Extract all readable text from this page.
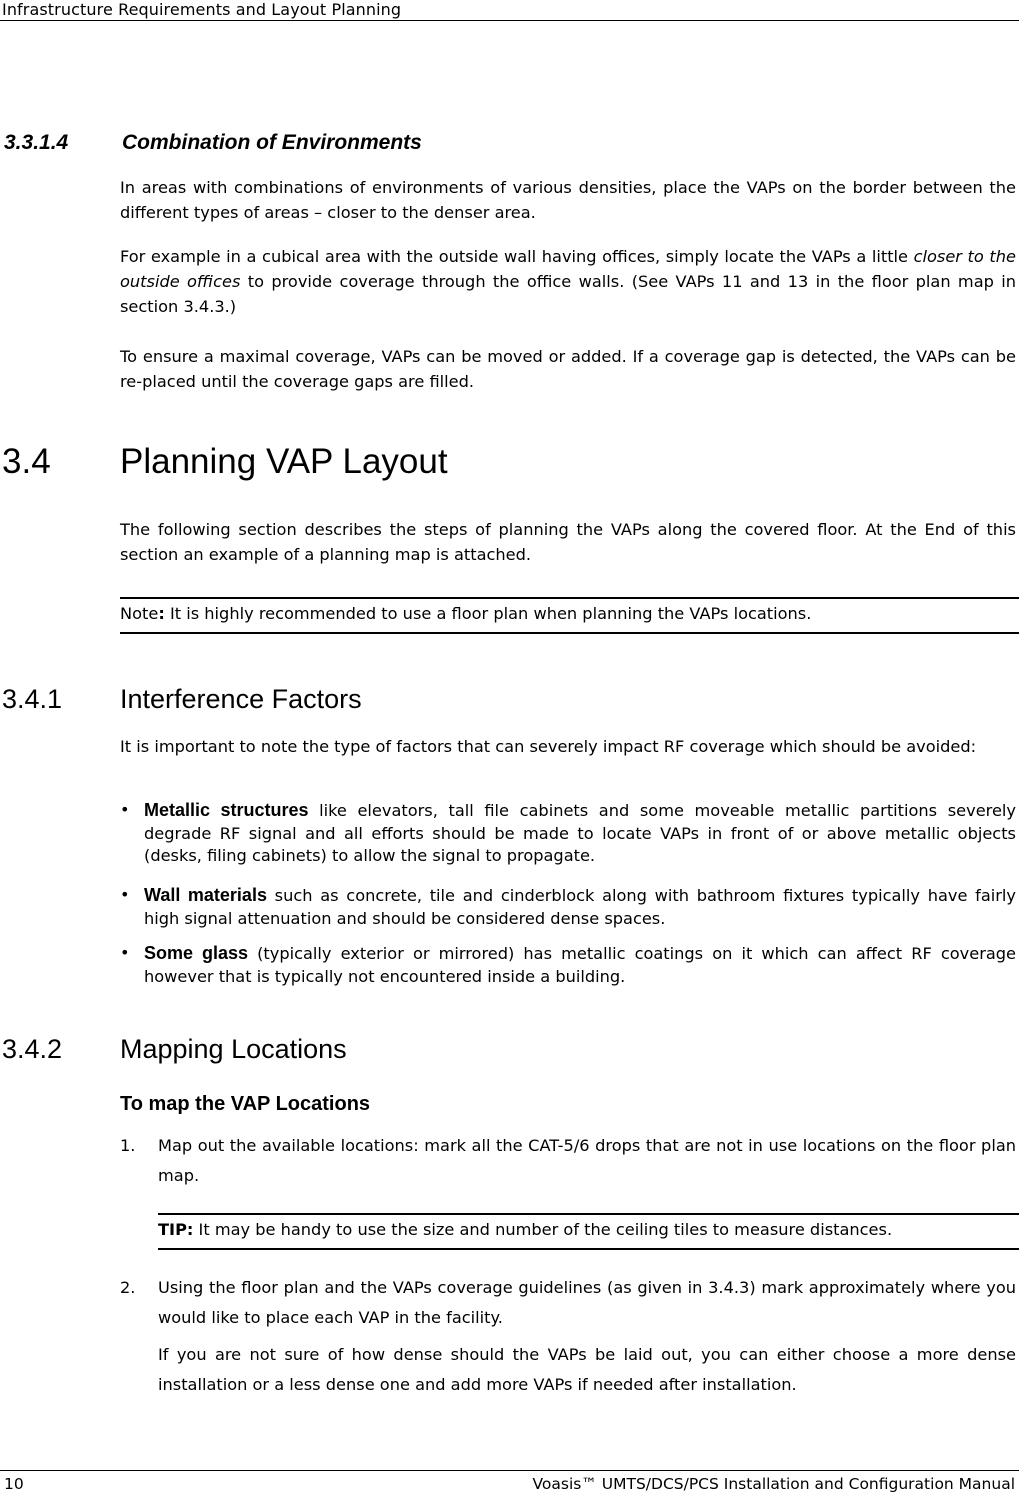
Infrastructure Requirements and Layout Planning
3.3.1.4	Combination of Environments
In areas with combinations of environments of various densities, place the VAPs on the border between the different types of areas – closer to the denser area.
For example in a cubical area with the outside wall having offices, simply locate the VAPs a little closer to the outside offices to provide coverage through the office walls. (See VAPs 11 and 13 in the floor plan map in section 3.4.3.)
To ensure a maximal coverage, VAPs can be moved or added. If a coverage gap is detected, the VAPs can be re-placed until the coverage gaps are filled.
3.4 Planning VAP Layout
The following section describes the steps of planning the VAPs along the covered floor. At the End of this section an example of a planning map is attached.
Note: It is highly recommended to use a floor plan when planning the VAPs locations.
3.4.1 Interference Factors
It is important to note the type of factors that can severely impact RF coverage which should be avoided:
• Metallic structures like elevators, tall file cabinets and some moveable metallic partitions severely degrade RF signal and all efforts should be made to locate VAPs in front of or above metallic objects (desks, filing cabinets) to allow the signal to propagate.
• Wall materials such as concrete, tile and cinderblock along with bathroom fixtures typically have fairly high signal attenuation and should be considered dense spaces.
• Some glass (typically exterior or mirrored) has metallic coatings on it which can affect RF coverage however that is typically not encountered inside a building.
3.4.2 Mapping Locations
To map the VAP Locations
1. Map out the available locations: mark all the CAT-5/6 drops that are not in use locations on the floor plan map.
TIP: It may be handy to use the size and number of the ceiling tiles to measure distances.
2. Using the floor plan and the VAPs coverage guidelines (as given in 3.4.3) mark approximately where you would like to place each VAP in the facility.
If you are not sure of how dense should the VAPs be laid out, you can either choose a more dense installation or a less dense one and add more VAPs if needed after installation.
10	Voasis™ UMTS/DCS/PCS Installation and Configuration Manual
